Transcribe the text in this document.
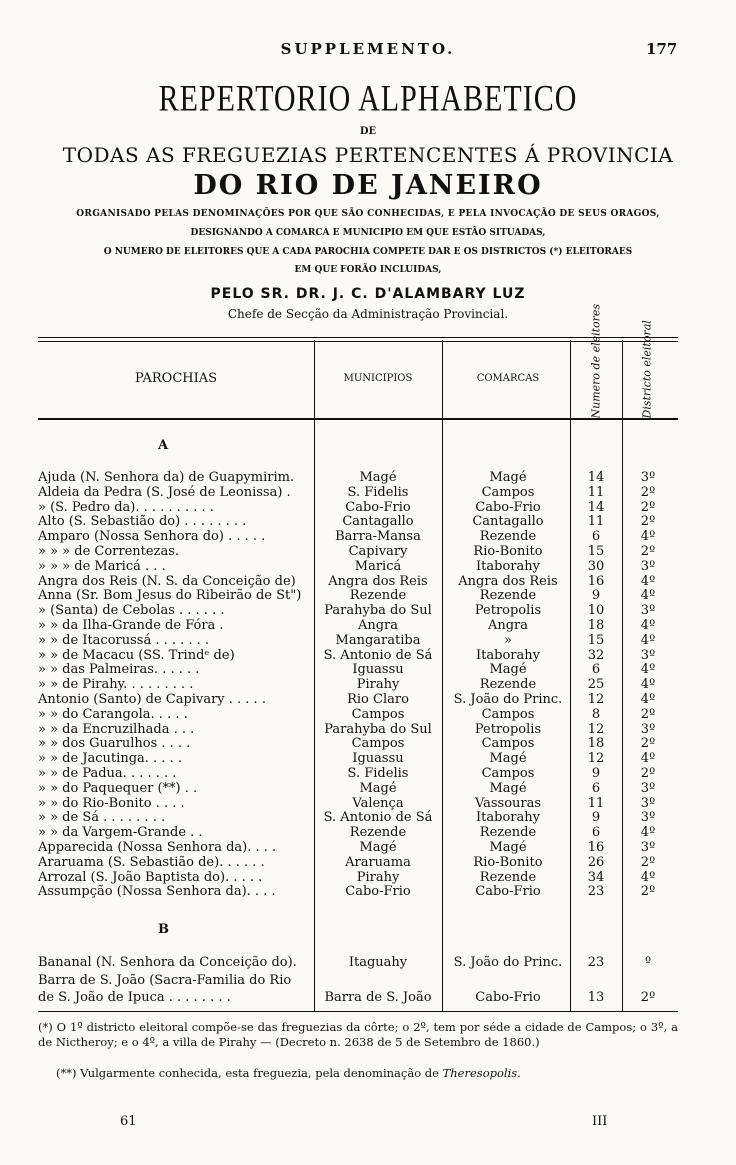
SUPPLEMENTO.	177
REPERTORIO ALPHABETICO
DE
TODAS AS FREGUEZIAS PERTENCENTES Á PROVINCIA
DO RIO DE JANEIRO
ORGANISADO PELAS DENOMINAÇÕES POR QUE SÃO CONHECIDAS, E PELA INVOCAÇÃO DE SEUS ORAGOS,
DESIGNANDO A COMARCA E MUNICIPIO EM QUE ESTÃO SITUADAS,
O NUMERO DE ELEITORES QUE A CADA PAROCHIA COMPETE DAR E OS DISTRICTOS (*) ELEITORAES
EM QUE FORÃO INCLUIDAS,
PELO SR. DR. J. C. D'ALAMBARY LUZ
Chefe de Secção da Administração Provincial.
PAROCHIAS	MUNICIPIOS	COMARCAS	Numero de eleitores	Districto eleitoral
A
B
Ajuda (N. Senhora da) de Guapymirim.	Magé	Magé	14	3º
Aldeia da Pedra (S. José de Leonissa) .	S. Fidelis	Campos	11	2º
» (S. Pedro da). . . . . . . . . .	Cabo-Frio	Cabo-Frio	14	2º
Alto (S. Sebastião do) . . . . . . . .	Cantagallo	Cantagallo	11	2º
Amparo (Nossa Senhora do) . . . . .	Barra-Mansa	Rezende	6	4º
» » » de Correntezas.	Capivary	Rio-Bonito	15	2º
» » » de Maricá . . .	Maricá	Itaborahy	30	3º
Angra dos Reis (N. S. da Conceição de)	Angra dos Reis	Angra dos Reis	16	4º
Anna (Sr. Bom Jesus do Ribeirão de St")	Rezende	Rezende	9	4º
» (Santa) de Cebolas . . . . . .	Parahyba do Sul	Petropolis	10	3º
» » da Ilha-Grande de Fóra .	Angra	Angra	18	4º
» » de Itacorussá . . . . . . .	Mangaratiba	»	15	4º
» » de Macacu (SS. Trindᵉ de)	S. Antonio de Sá	Itaborahy	32	3º
» » das Palmeiras. . . . . .	Iguassu	Magé	6	4º
» » de Pirahy. . . . . . . . .	Pirahy	Rezende	25	4º
Antonio (Santo) de Capivary . . . . .	Rio Claro	S. João do Princ.	12	4º
» » do Carangola. . . . .	Campos	Campos	8	2º
» » da Encruzilhada . . .	Parahyba do Sul	Petropolis	12	3º
» » dos Guarulhos . . . .	Campos	Campos	18	2º
» » de Jacutinga. . . . .	Iguassu	Magé	12	4º
» » de Padua. . . . . . .	S. Fidelis	Campos	9	2º
» » do Paquequer (**) . .	Magé	Magé	6	3º
» » do Rio-Bonito . . . .	Valença	Vassouras	11	3º
» » de Sá . . . . . . . .	S. Antonio de Sá	Itaborahy	9	3º
» » da Vargem-Grande . .	Rezende	Rezende	6	4º
Apparecida (Nossa Senhora da). . . .	Magé	Magé	16	3º
Araruama (S. Sebastião de). . . . . .	Araruama	Rio-Bonito	26	2º
Arrozal (S. João Baptista do). . . . .	Pirahy	Rezende	34	4º
Assumpção (Nossa Senhora da). . . .	Cabo-Frio	Cabo-Frio	23	2º
Bananal (N. Senhora da Conceição do).	Itaguahy	S. João do Princ.	23	º
Barra de S. João (Sacra-Familia do Rio
de S. João de Ipuca . . . . . . . .	Barra de S. João	Cabo-Frio	13	2º
(*) O 1º districto eleitoral compõe-se das freguezias da côrte; o 2º, tem por séde a cidade de Campos; o 3º, a de Nictheroy; e o 4º, a villa de Pirahy — (Decreto n. 2638 de 5 de Setembro de 1860.)
(**) Vulgarmente conhecida, esta freguezia, pela denominação de Theresopolis.
61	III
